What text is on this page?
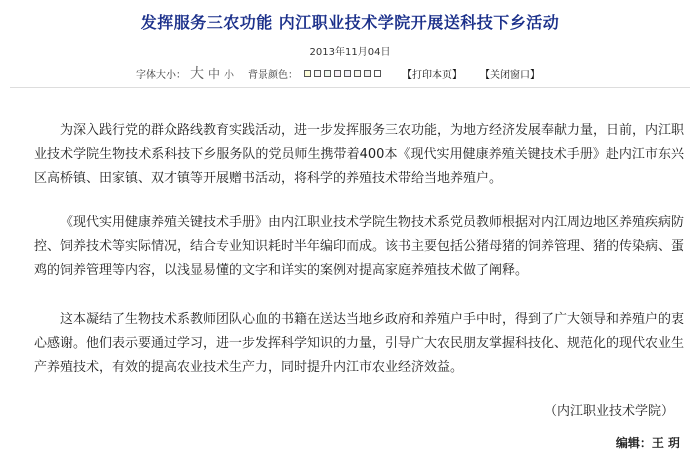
发挥服务三农功能 内江职业技术学院开展送科技下乡活动
2013年11月04日
字体大小： 大 中 小 背景颜色：	【打印本页】 【关闭窗口】

为深入践行党的群众路线教育实践活动，进一步发挥服务三农功能，为地方经济发展奉献力量，日前，内江职业技术学院生物技术系科技下乡服务队的党员师生携带着400本《现代实用健康养殖关键技术手册》赴内江市东兴区高桥镇、田家镇、双才镇等开展赠书活动，将科学的养殖技术带给当地养殖户。

《现代实用健康养殖关键技术手册》由内江职业技术学院生物技术系党员教师根据对内江周边地区养殖疾病防控、饲养技术等实际情况，结合专业知识耗时半年编印而成。该书主要包括公猪母猪的饲养管理、猪的传染病、蛋鸡的饲养管理等内容，以浅显易懂的文字和详实的案例对提高家庭养殖技术做了阐释。

这本凝结了生物技术系教师团队心血的书籍在送达当地乡政府和养殖户手中时，得到了广大领导和养殖户的衷心感谢。他们表示要通过学习，进一步发挥科学知识的力量，引导广大农民朋友掌握科技化、规范化的现代农业生产养殖技术，有效的提高农业技术生产力，同时提升内江市农业经济效益。

（内江职业技术学院）
编辑：王 玥
